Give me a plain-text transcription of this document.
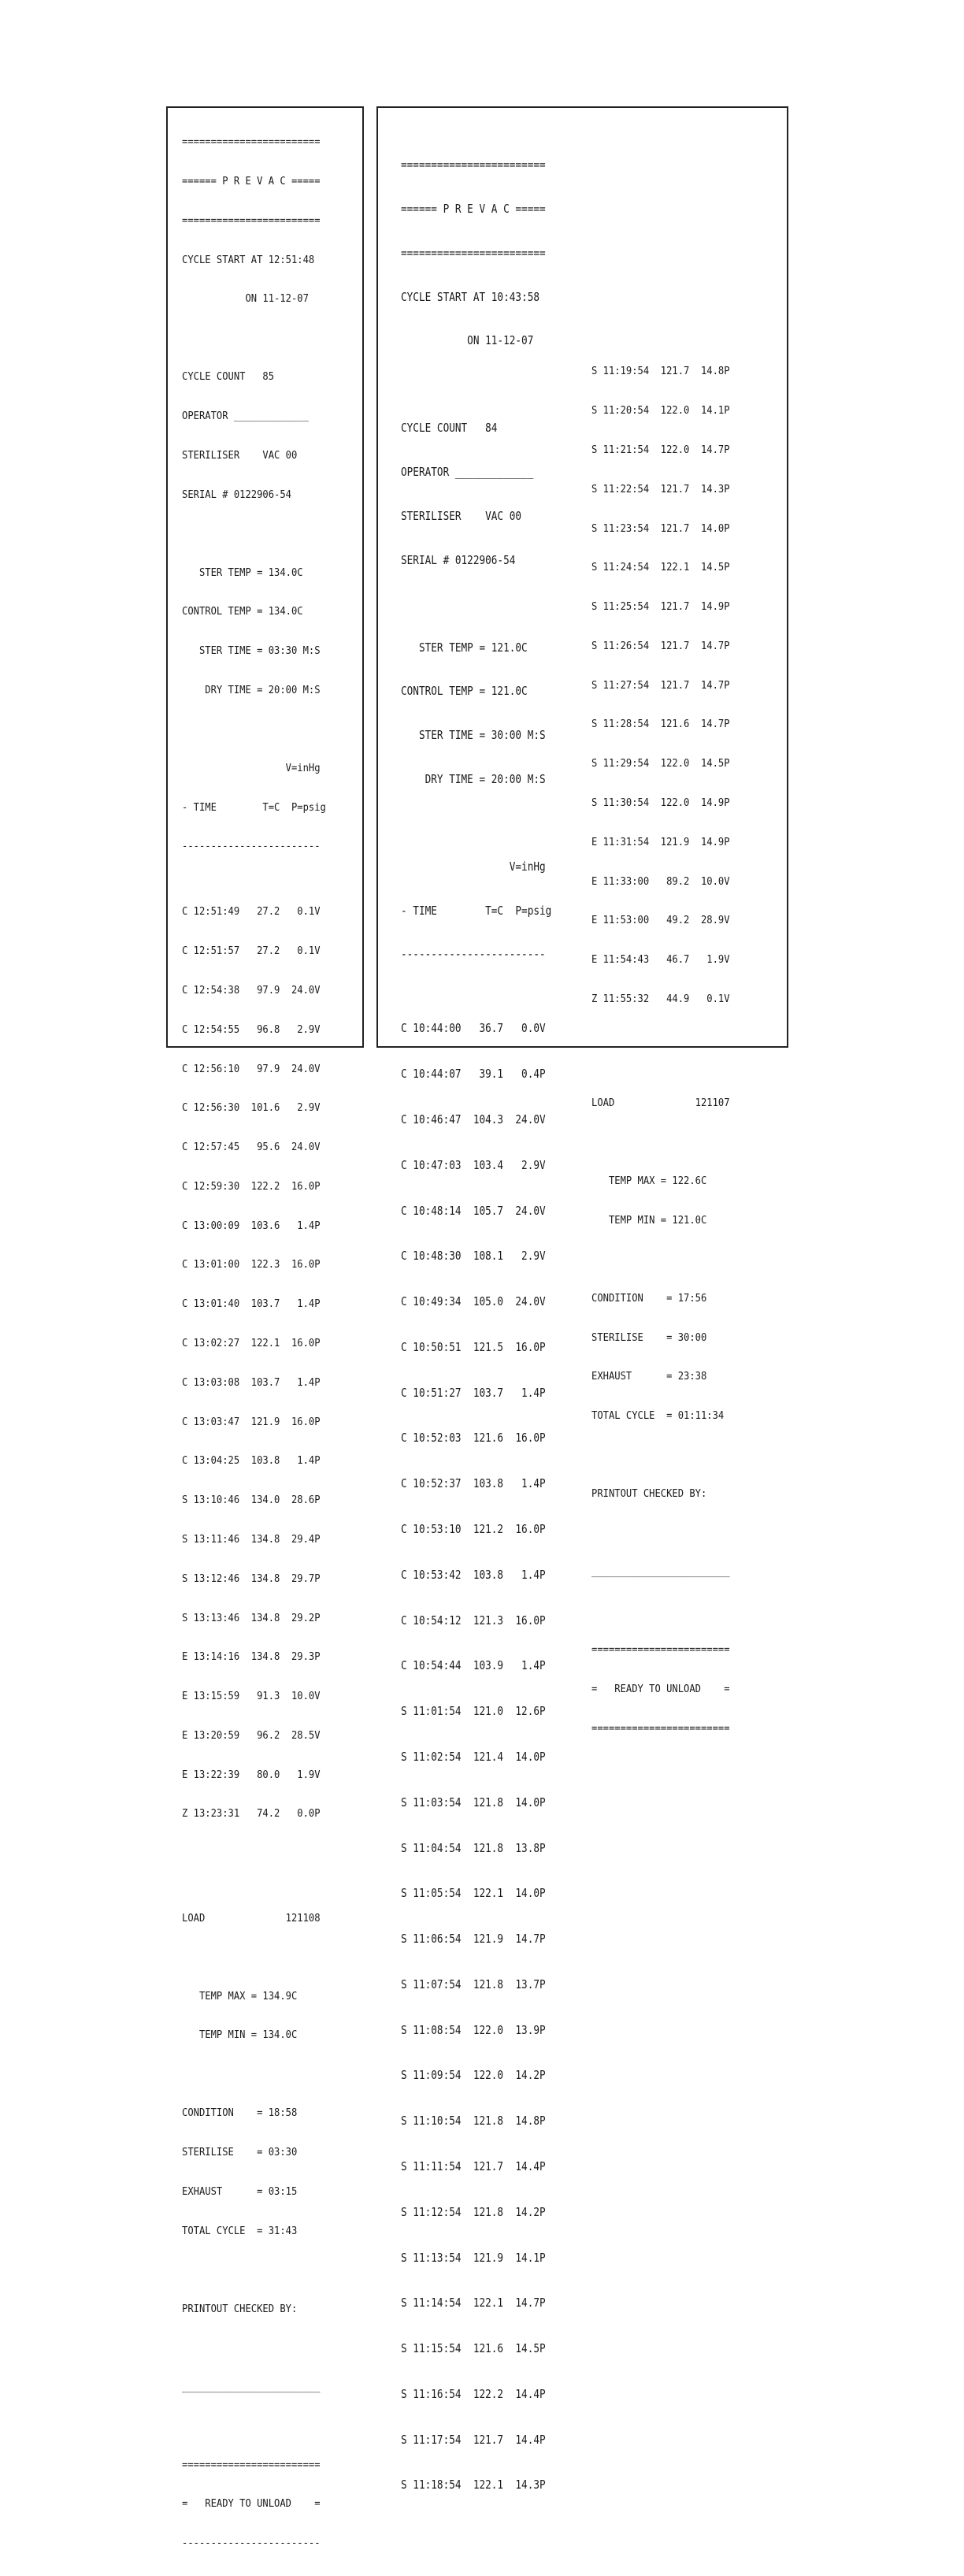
========================

====== P R E V A C =====

========================

CYCLE START AT 12:51:48

ON 11-12-07

CYCLE COUNT   85

OPERATOR _____________

STERILISER    VAC 00

SERIAL # 0122906-54

STER TEMP = 134.0C

CONTROL TEMP = 134.0C

STER TIME = 03:30 M:S

DRY TIME = 20:00 M:S

V=inHg

- TIME        T=C  P=psig

------------------------

C 12:51:49   27.2   0.1V

C 12:51:57   27.2   0.1V

C 12:54:38   97.9  24.0V

C 12:54:55   96.8   2.9V

C 12:56:10   97.9  24.0V

C 12:56:30  101.6   2.9V

C 12:57:45   95.6  24.0V

C 12:59:30  122.2  16.0P

C 13:00:09  103.6   1.4P

C 13:01:00  122.3  16.0P

C 13:01:40  103.7   1.4P

C 13:02:27  122.1  16.0P

C 13:03:08  103.7   1.4P

C 13:03:47  121.9  16.0P

C 13:04:25  103.8   1.4P

S 13:10:46  134.0  28.6P

S 13:11:46  134.8  29.4P

S 13:12:46  134.8  29.7P

S 13:13:46  134.8  29.2P

E 13:14:16  134.8  29.3P

E 13:15:59   91.3  10.0V

E 13:20:59   96.2  28.5V

E 13:22:39   80.0   1.9V

Z 13:23:31   74.2   0.0P

LOAD              121108

TEMP MAX = 134.9C

TEMP MIN = 134.0C

CONDITION    = 18:58

STERILISE    = 03:30

EXHAUST      = 03:15

TOTAL CYCLE  = 31:43

PRINTOUT CHECKED BY:

________________________

========================

=   READY TO UNLOAD    =

------------------------

========================

====== P R E V A C =====

========================

CYCLE START AT 10:43:58

ON 11-12-07

CYCLE COUNT   84

OPERATOR _____________

STERILISER    VAC 00

SERIAL # 0122906-54

STER TEMP = 121.0C

CONTROL TEMP = 121.0C

STER TIME = 30:00 M:S

DRY TIME = 20:00 M:S

V=inHg

- TIME        T=C  P=psig

------------------------

C 10:44:00   36.7   0.0V

C 10:44:07   39.1   0.4P

C 10:46:47  104.3  24.0V

C 10:47:03  103.4   2.9V

C 10:48:14  105.7  24.0V

C 10:48:30  108.1   2.9V

C 10:49:34  105.0  24.0V

C 10:50:51  121.5  16.0P

C 10:51:27  103.7   1.4P

C 10:52:03  121.6  16.0P

C 10:52:37  103.8   1.4P

C 10:53:10  121.2  16.0P

C 10:53:42  103.8   1.4P

C 10:54:12  121.3  16.0P

C 10:54:44  103.9   1.4P

S 11:01:54  121.0  12.6P

S 11:02:54  121.4  14.0P

S 11:03:54  121.8  14.0P

S 11:04:54  121.8  13.8P

S 11:05:54  122.1  14.0P

S 11:06:54  121.9  14.7P

S 11:07:54  121.8  13.7P

S 11:08:54  122.0  13.9P

S 11:09:54  122.0  14.2P

S 11:10:54  121.8  14.8P

S 11:11:54  121.7  14.4P

S 11:12:54  121.8  14.2P

S 11:13:54  121.9  14.1P

S 11:14:54  122.1  14.7P

S 11:15:54  121.6  14.5P

S 11:16:54  122.2  14.4P

S 11:17:54  121.7  14.4P

S 11:18:54  122.1  14.3P

S 11:19:54  121.7  14.8P

S 11:20:54  122.0  14.1P

S 11:21:54  122.0  14.7P

S 11:22:54  121.7  14.3P

S 11:23:54  121.7  14.0P

S 11:24:54  122.1  14.5P

S 11:25:54  121.7  14.9P

S 11:26:54  121.7  14.7P

S 11:27:54  121.7  14.7P

S 11:28:54  121.6  14.7P

S 11:29:54  122.0  14.5P

S 11:30:54  122.0  14.9P

E 11:31:54  121.9  14.9P

E 11:33:00   89.2  10.0V

E 11:53:00   49.2  28.9V

E 11:54:43   46.7   1.9V

Z 11:55:32   44.9   0.1V

LOAD              121107

TEMP MAX = 122.6C

TEMP MIN = 121.0C

CONDITION    = 17:56

STERILISE    = 30:00

EXHAUST      = 23:38

TOTAL CYCLE  = 01:11:34

PRINTOUT CHECKED BY:

________________________

========================

=   READY TO UNLOAD    =

========================
